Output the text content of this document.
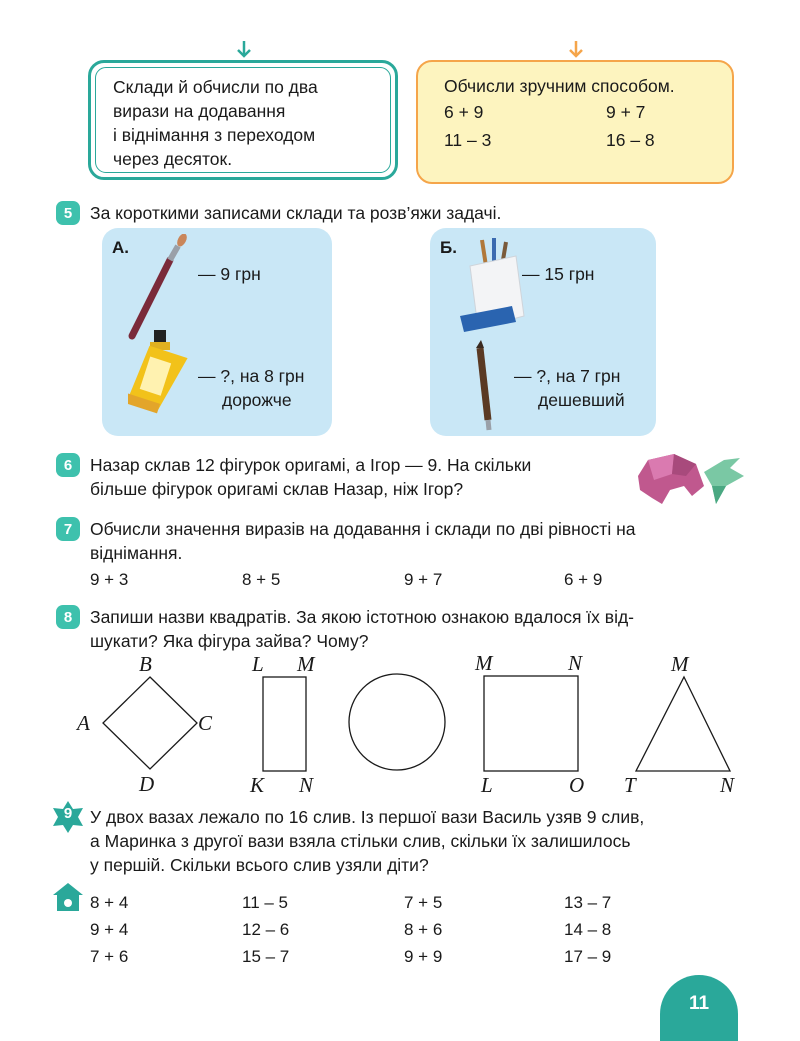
Склади й обчисли по два
вирази на додавання
і віднімання з переходом
через десяток.
Обчисли зручним способом.
6 + 9	9 + 7
11 – 3	16 – 8
5	За короткими записами склади та розв’яжи задачі.
А.
— 9 грн
— ?, на 8 грн
дорожче
Б.
— 15 грн
— ?, на 7 грн
дешевший
6	Назар склав 12 фігурок оригамі, а Ігор — 9. На скільки
більше фігурок оригамі склав Назар, ніж Ігор?
7	Обчисли значення виразів на додавання і склади по дві рівності на
віднімання.
9 + 3	8 + 5	9 + 7	6 + 9
8	Запиши назви квадратів. За якою істотною ознакою вдалося їх від-
шукати? Яка фігура зайва? Чому?
B
A	C
D
L M
K N
M	N
L	O
M
T	N
9	У двох вазах лежало по 16 слив. Із першої вази Василь узяв 9 слив,
а Маринка з другої вази взяла стільки слив, скільки їх залишилось
у першій. Скільки всього слив узяли діти?
8 + 4	11 – 5	7 + 5	13 – 7
9 + 4	12 – 6	8 + 6	14 – 8
7 + 6	15 – 7	9 + 9	17 – 9
11
